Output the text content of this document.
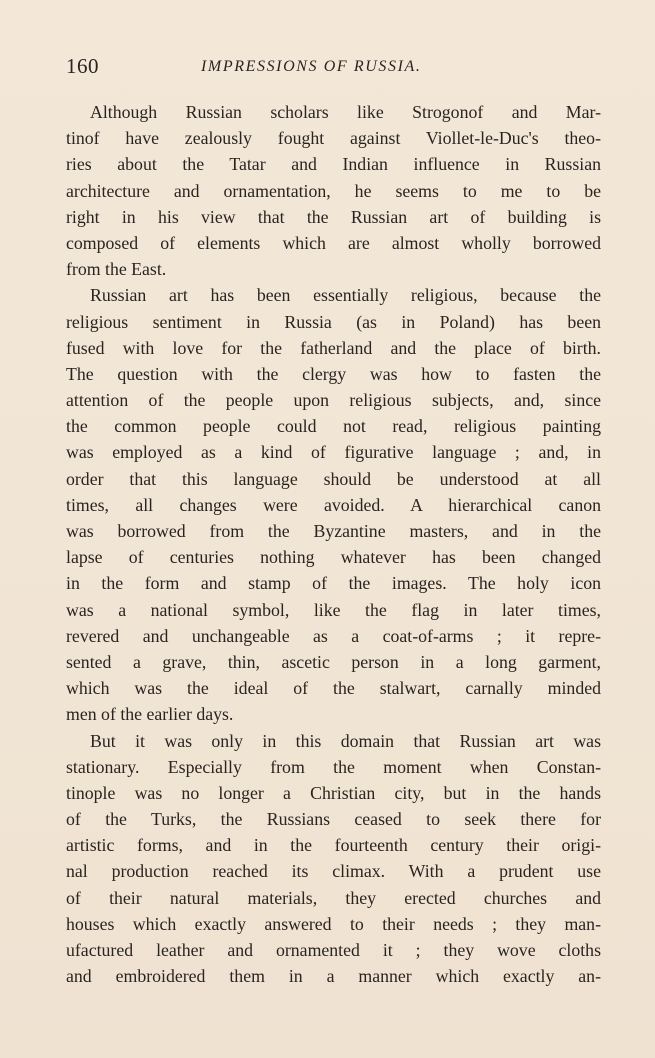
160	IMPRESSIONS OF RUSSIA.
Although Russian scholars like Strogonof and Mar-
tinof have zealously fought against Viollet-le-Duc's theo-
ries about the Tatar and Indian influence in Russian
architecture and ornamentation, he seems to me to be
right in his view that the Russian art of building is
composed of elements which are almost wholly borrowed
from the East.
Russian art has been essentially religious, because the
religious sentiment in Russia (as in Poland) has been
fused with love for the fatherland and the place of birth.
The question with the clergy was how to fasten the
attention of the people upon religious subjects, and, since
the common people could not read, religious painting
was employed as a kind of figurative language ; and, in
order that this language should be understood at all
times, all changes were avoided. A hierarchical canon
was borrowed from the Byzantine masters, and in the
lapse of centuries nothing whatever has been changed
in the form and stamp of the images. The holy icon
was a national symbol, like the flag in later times,
revered and unchangeable as a coat-of-arms ; it repre-
sented a grave, thin, ascetic person in a long garment,
which was the ideal of the stalwart, carnally minded
men of the earlier days.
But it was only in this domain that Russian art was
stationary. Especially from the moment when Constan-
tinople was no longer a Christian city, but in the hands
of the Turks, the Russians ceased to seek there for
artistic forms, and in the fourteenth century their origi-
nal production reached its climax. With a prudent use
of their natural materials, they erected churches and
houses which exactly answered to their needs ; they man-
ufactured leather and ornamented it ; they wove cloths
and embroidered them in a manner which exactly an-
